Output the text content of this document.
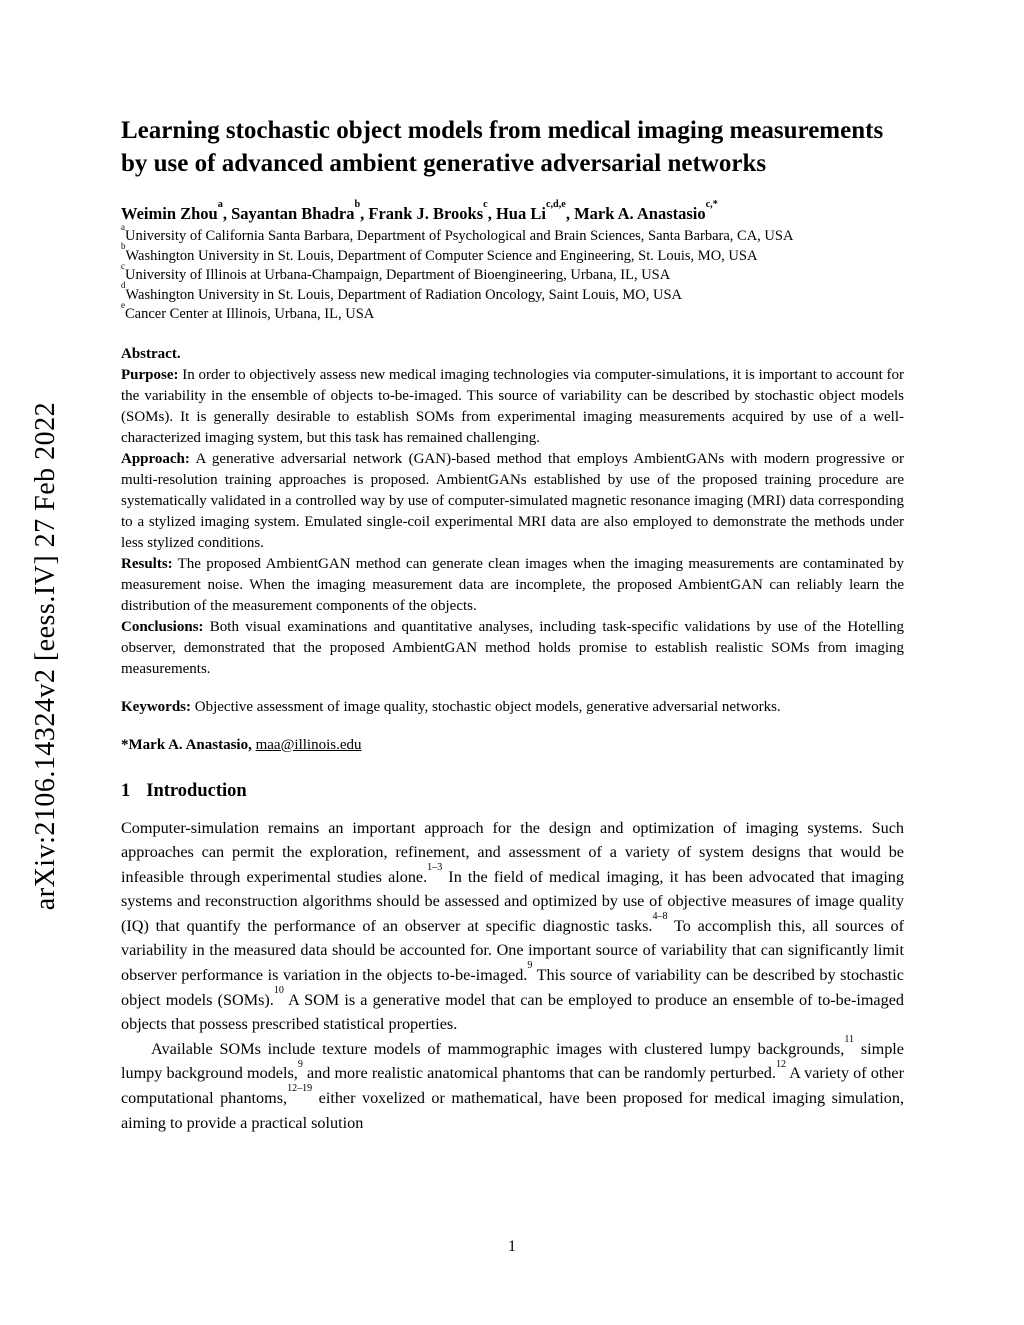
arXiv:2106.14324v2 [eess.IV] 27 Feb 2022
Learning stochastic object models from medical imaging measurements by use of advanced ambient generative adversarial networks
Weimin Zhou$^a$, Sayantan Bhadra$^b$, Frank J. Brooks$^c$, Hua Li$^{c,d,e}$, Mark A. Anastasio$^{c,*}$
$^a$University of California Santa Barbara, Department of Psychological and Brain Sciences, Santa Barbara, CA, USA
$^b$Washington University in St. Louis, Department of Computer Science and Engineering, St. Louis, MO, USA
$^c$University of Illinois at Urbana-Champaign, Department of Bioengineering, Urbana, IL, USA
$^d$Washington University in St. Louis, Department of Radiation Oncology, Saint Louis, MO, USA
$^e$Cancer Center at Illinois, Urbana, IL, USA
Abstract.
Purpose: In order to objectively assess new medical imaging technologies via computer-simulations, it is important to account for the variability in the ensemble of objects to-be-imaged. This source of variability can be described by stochastic object models (SOMs). It is generally desirable to establish SOMs from experimental imaging measurements acquired by use of a well-characterized imaging system, but this task has remained challenging.
Approach: A generative adversarial network (GAN)-based method that employs AmbientGANs with modern progressive or multi-resolution training approaches is proposed. AmbientGANs established by use of the proposed training procedure are systematically validated in a controlled way by use of computer-simulated magnetic resonance imaging (MRI) data corresponding to a stylized imaging system. Emulated single-coil experimental MRI data are also employed to demonstrate the methods under less stylized conditions.
Results: The proposed AmbientGAN method can generate clean images when the imaging measurements are contaminated by measurement noise. When the imaging measurement data are incomplete, the proposed AmbientGAN can reliably learn the distribution of the measurement components of the objects.
Conclusions: Both visual examinations and quantitative analyses, including task-specific validations by use of the Hotelling observer, demonstrated that the proposed AmbientGAN method holds promise to establish realistic SOMs from imaging measurements.
Keywords: Objective assessment of image quality, stochastic object models, generative adversarial networks.
*Mark A. Anastasio, maa@illinois.edu
1 Introduction

Computer-simulation remains an important approach for the design and optimization of imaging systems. Such approaches can permit the exploration, refinement, and assessment of a variety of system designs that would be infeasible through experimental studies alone.$^{1-3}$ In the field of medical imaging, it has been advocated that imaging systems and reconstruction algorithms should be assessed and optimized by use of objective measures of image quality (IQ) that quantify the performance of an observer at specific diagnostic tasks.$^{4-8}$ To accomplish this, all sources of variability in the measured data should be accounted for. One important source of variability that can significantly limit observer performance is variation in the objects to-be-imaged.$^9$ This source of variability can be described by stochastic object models (SOMs).$^{10}$ A SOM is a generative model that can be employed to produce an ensemble of to-be-imaged objects that possess prescribed statistical properties.

Available SOMs include texture models of mammographic images with clustered lumpy backgrounds,$^{11}$ simple lumpy background models,$^9$ and more realistic anatomical phantoms that can be randomly perturbed.$^{12}$ A variety of other computational phantoms,$^{12-19}$ either voxelized or mathematical, have been proposed for medical imaging simulation, aiming to provide a practical solution

1
